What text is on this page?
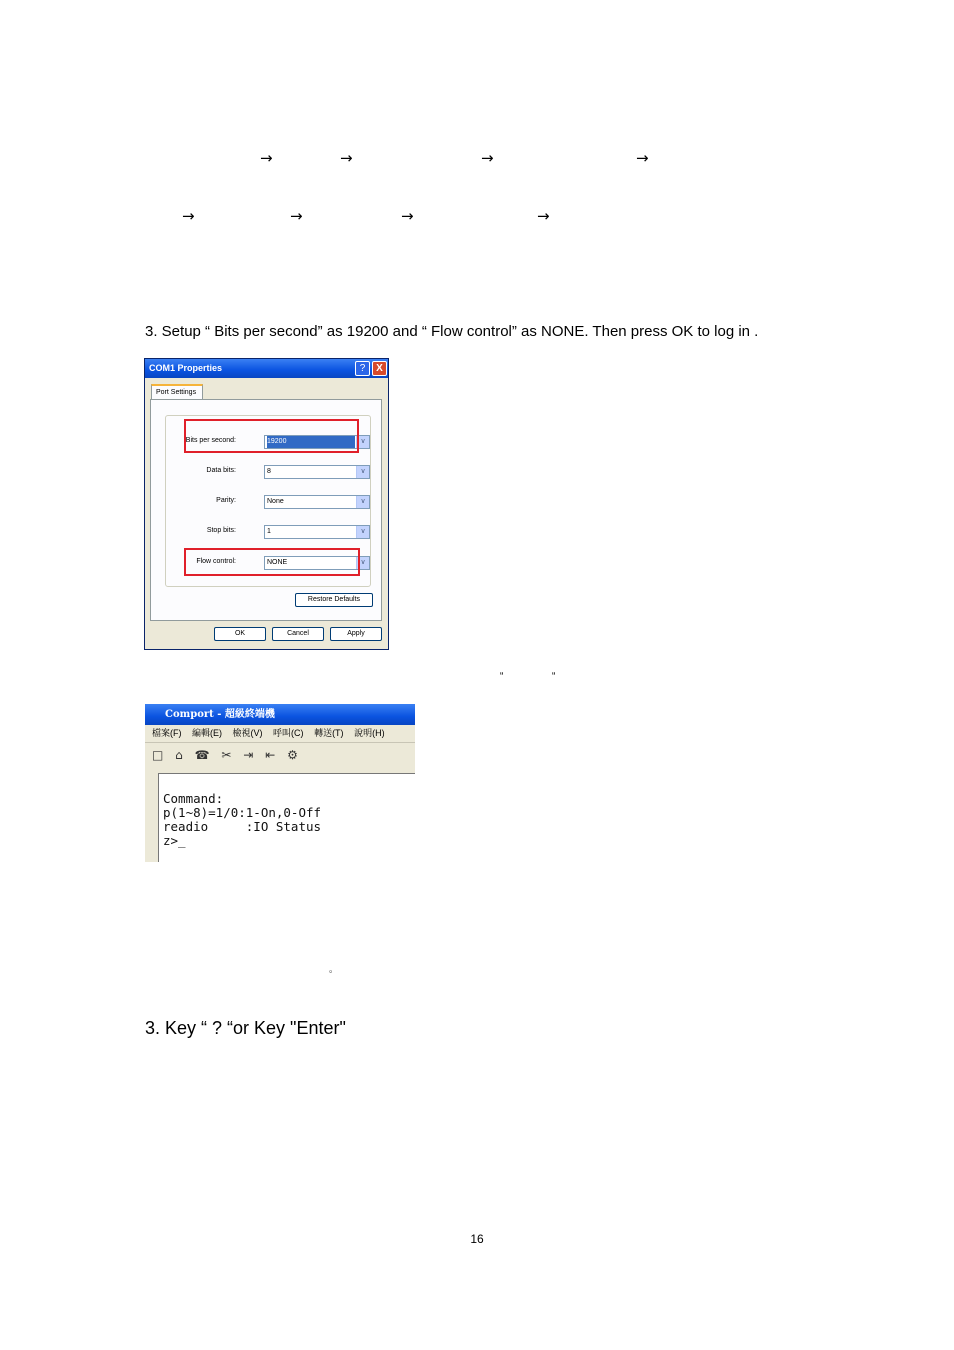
→	→	→	→
→	→	→	→
3. Setup “ Bits per second” as 19200 and “ Flow control” as NONE. Then press OK to log in .
COM1 Properties	?	X
Port Settings
Bits per second:	19200	∨
Data bits:	8	∨
Parity:	None	∨
Stop bits:	1	∨
Flow control:	NONE	∨
Restore Defaults
OK	Cancel	Apply
“	“
Comport - 超級終端機
檔案(F) 編輯(E) 檢視(V) 呼叫(C) 轉送(T) 說明(H)
□ ⌂ ☎ ✂ ⇥ ⇤ ⚙
Command:
p(1~8)=1/0:1-On,0-Off
readio     :IO Status
z>_
。
3. Key “ ? “or Key "Enter"
16
